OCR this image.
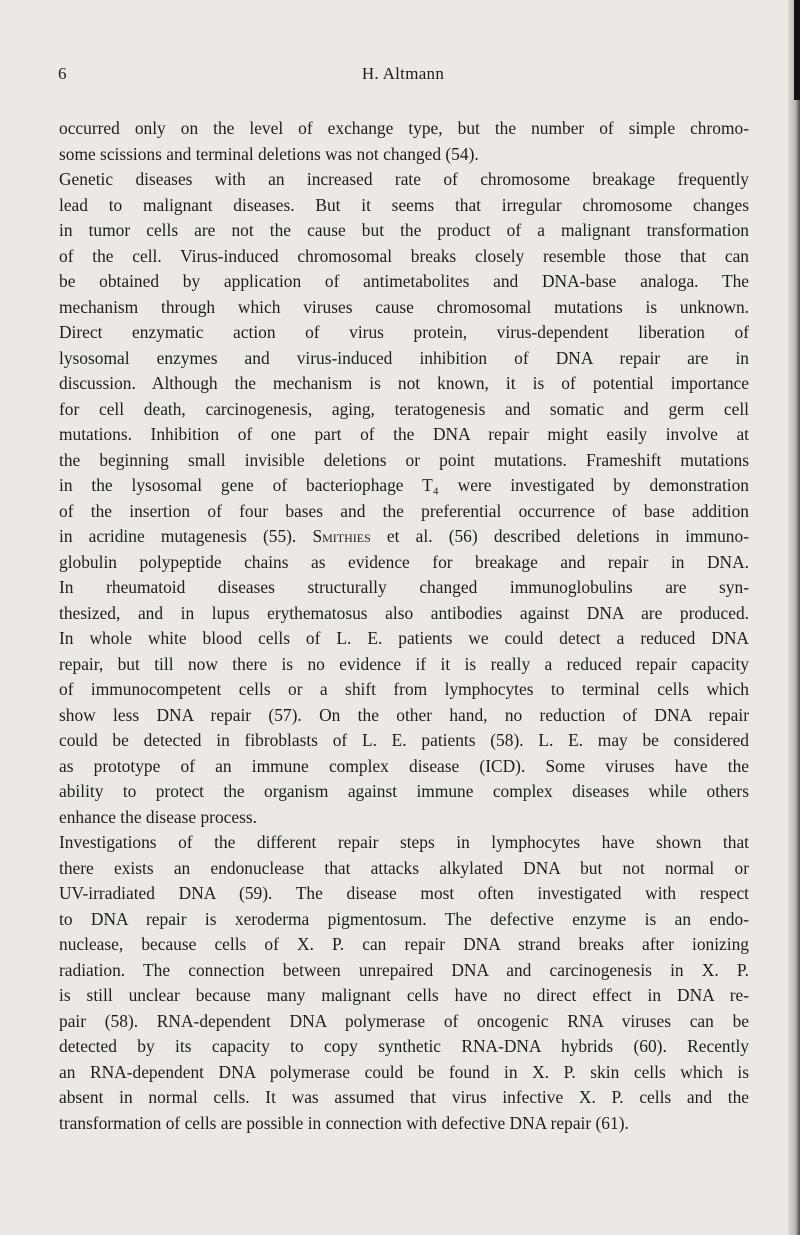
6	H. Altmann
occurred only on the level of exchange type, but the number of simple chromo-
some scissions and terminal deletions was not changed (54).
Genetic diseases with an increased rate of chromosome breakage frequently
lead to malignant diseases. But it seems that irregular chromosome changes
in tumor cells are not the cause but the product of a malignant transformation
of the cell. Virus-induced chromosomal breaks closely resemble those that can
be obtained by application of antimetabolites and DNA-base analoga. The
mechanism through which viruses cause chromosomal mutations is unknown.
Direct enzymatic action of virus protein, virus-dependent liberation of
lysosomal enzymes and virus-induced inhibition of DNA repair are in
discussion. Although the mechanism is not known, it is of potential importance
for cell death, carcinogenesis, aging, teratogenesis and somatic and germ cell
mutations. Inhibition of one part of the DNA repair might easily involve at
the beginning small invisible deletions or point mutations. Frameshift mutations
in the lysosomal gene of bacteriophage T₄ were investigated by demonstration
of the insertion of four bases and the preferential occurrence of base addition
in acridine mutagenesis (55). Smithies et al. (56) described deletions in immuno-
globulin polypeptide chains as evidence for breakage and repair in DNA.
In rheumatoid diseases structurally changed immunoglobulins are syn-
thesized, and in lupus erythematosus also antibodies against DNA are produced.
In whole white blood cells of L. E. patients we could detect a reduced DNA
repair, but till now there is no evidence if it is really a reduced repair capacity
of immunocompetent cells or a shift from lymphocytes to terminal cells which
show less DNA repair (57). On the other hand, no reduction of DNA repair
could be detected in fibroblasts of L. E. patients (58). L. E. may be considered
as prototype of an immune complex disease (ICD). Some viruses have the
ability to protect the organism against immune complex diseases while others
enhance the disease process.
Investigations of the different repair steps in lymphocytes have shown that
there exists an endonuclease that attacks alkylated DNA but not normal or
UV-irradiated DNA (59). The disease most often investigated with respect
to DNA repair is xeroderma pigmentosum. The defective enzyme is an endo-
nuclease, because cells of X. P. can repair DNA strand breaks after ionizing
radiation. The connection between unrepaired DNA and carcinogenesis in X. P.
is still unclear because many malignant cells have no direct effect in DNA re-
pair (58). RNA-dependent DNA polymerase of oncogenic RNA viruses can be
detected by its capacity to copy synthetic RNA-DNA hybrids (60). Recently
an RNA-dependent DNA polymerase could be found in X. P. skin cells which is
absent in normal cells. It was assumed that virus infective X. P. cells and the
transformation of cells are possible in connection with defective DNA repair (61).
